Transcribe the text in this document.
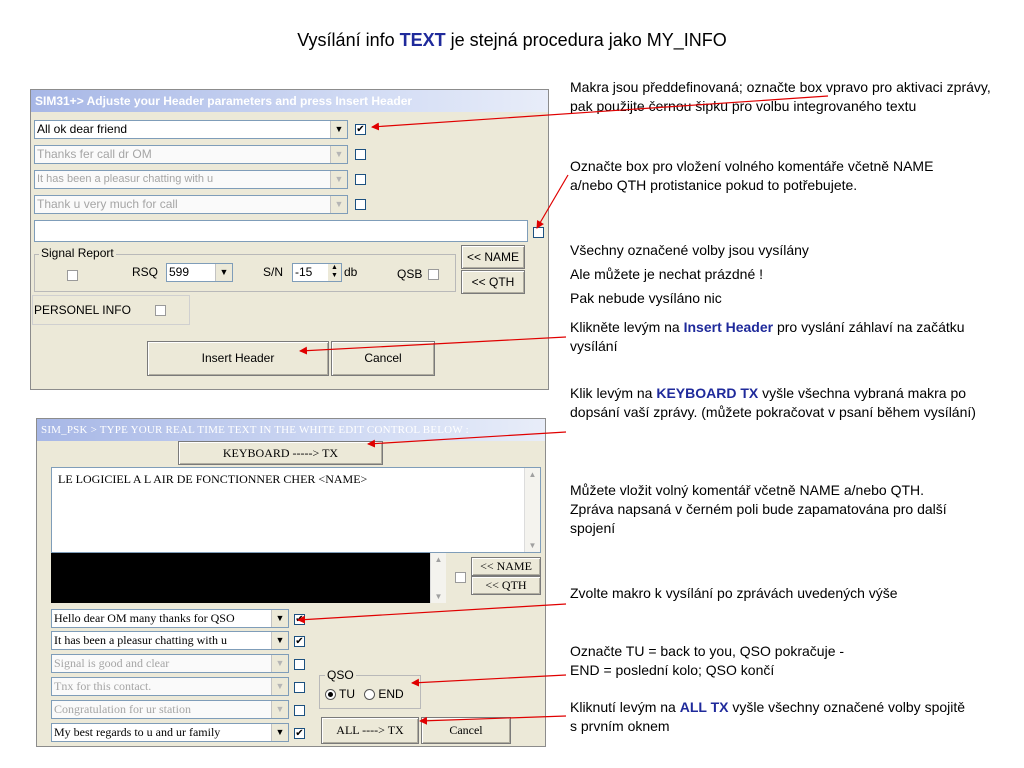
Vysílání info TEXT je stejná procedura jako MY_INFO
SIM31+> Adjuste your Header parameters and press Insert Header
All ok dear friend	▼	✔
Thanks fer call dr OM	▼
It has been a pleasur chatting with u	▼
Thank u very much for call	▼
Signal Report
RSQ 599	▼	S/N -15	▲
▼ db	QSB
<< NAME
<< QTH
PERSONEL INFO
Insert Header	Cancel
SIM_PSK > TYPE YOUR REAL TIME TEXT IN THE WHITE EDIT CONTROL BELOW :
KEYBOARD -----> TX
LE LOGICIEL A L AIR DE FONCTIONNER CHER <NAME>	▲
▼
▲
▼
<< NAME
<< QTH
Hello dear OM many thanks for QSO	▼	✔
It has been a pleasur chatting with u	▼	✔
Signal is good and clear	▼
Tnx for this contact.	▼
Congratulation for ur station	▼
My best regards to u and ur family	▼	✔
QSO
TU END
ALL ----> TX	Cancel
Makra jsou předdefinovaná; označte box vpravo pro aktivaci zprávy, pak použijte černou šipku pro volbu integrovaného textu
Označte box pro vložení volného komentáře včetně NAME a/nebo QTH protistanice pokud to potřebujete.
Všechny označené volby jsou vysílány
Ale můžete je nechat prázdné !
Pak nebude vysíláno nic
Klikněte levým na Insert Header pro vyslání záhlaví na začátku vysílání
Klik levým na KEYBOARD TX vyšle všechna vybraná makra po dopsání vaší zprávy. (můžete pokračovat v psaní během vysílání)
Můžete vložit volný komentář včetně NAME a/nebo QTH. Zpráva napsaná v černém poli bude zapamatována pro další spojení
Zvolte makro k vysílání po zprávách uvedených výše
Označte TU = back to you, QSO pokračuje -
END = poslední kolo; QSO končí
Kliknutí levým na ALL TX vyšle všechny označené volby spojitě s prvním oknem
